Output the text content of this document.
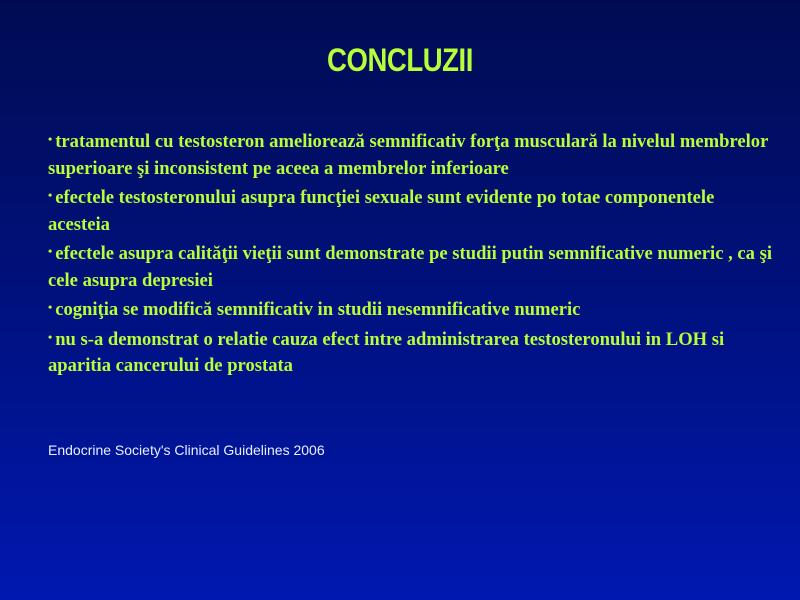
CONCLUZII
• tratamentul cu testosteron ameliorează semnificativ forţa musculară la nivelul membrelor superioare şi inconsistent pe aceea a membrelor inferioare
• efectele testosteronului asupra funcţiei sexuale sunt evidente po totae componentele acesteia
• efectele asupra calităţii vieţii sunt demonstrate pe studii putin semnificative numeric , ca şi cele asupra depresiei
• cogniţia se modifică semnificativ in studii nesemnificative numeric
• nu s-a demonstrat o relatie cauza efect intre administrarea testosteronului in LOH si aparitia cancerului de prostata
Endocrine Society's Clinical Guidelines 2006
